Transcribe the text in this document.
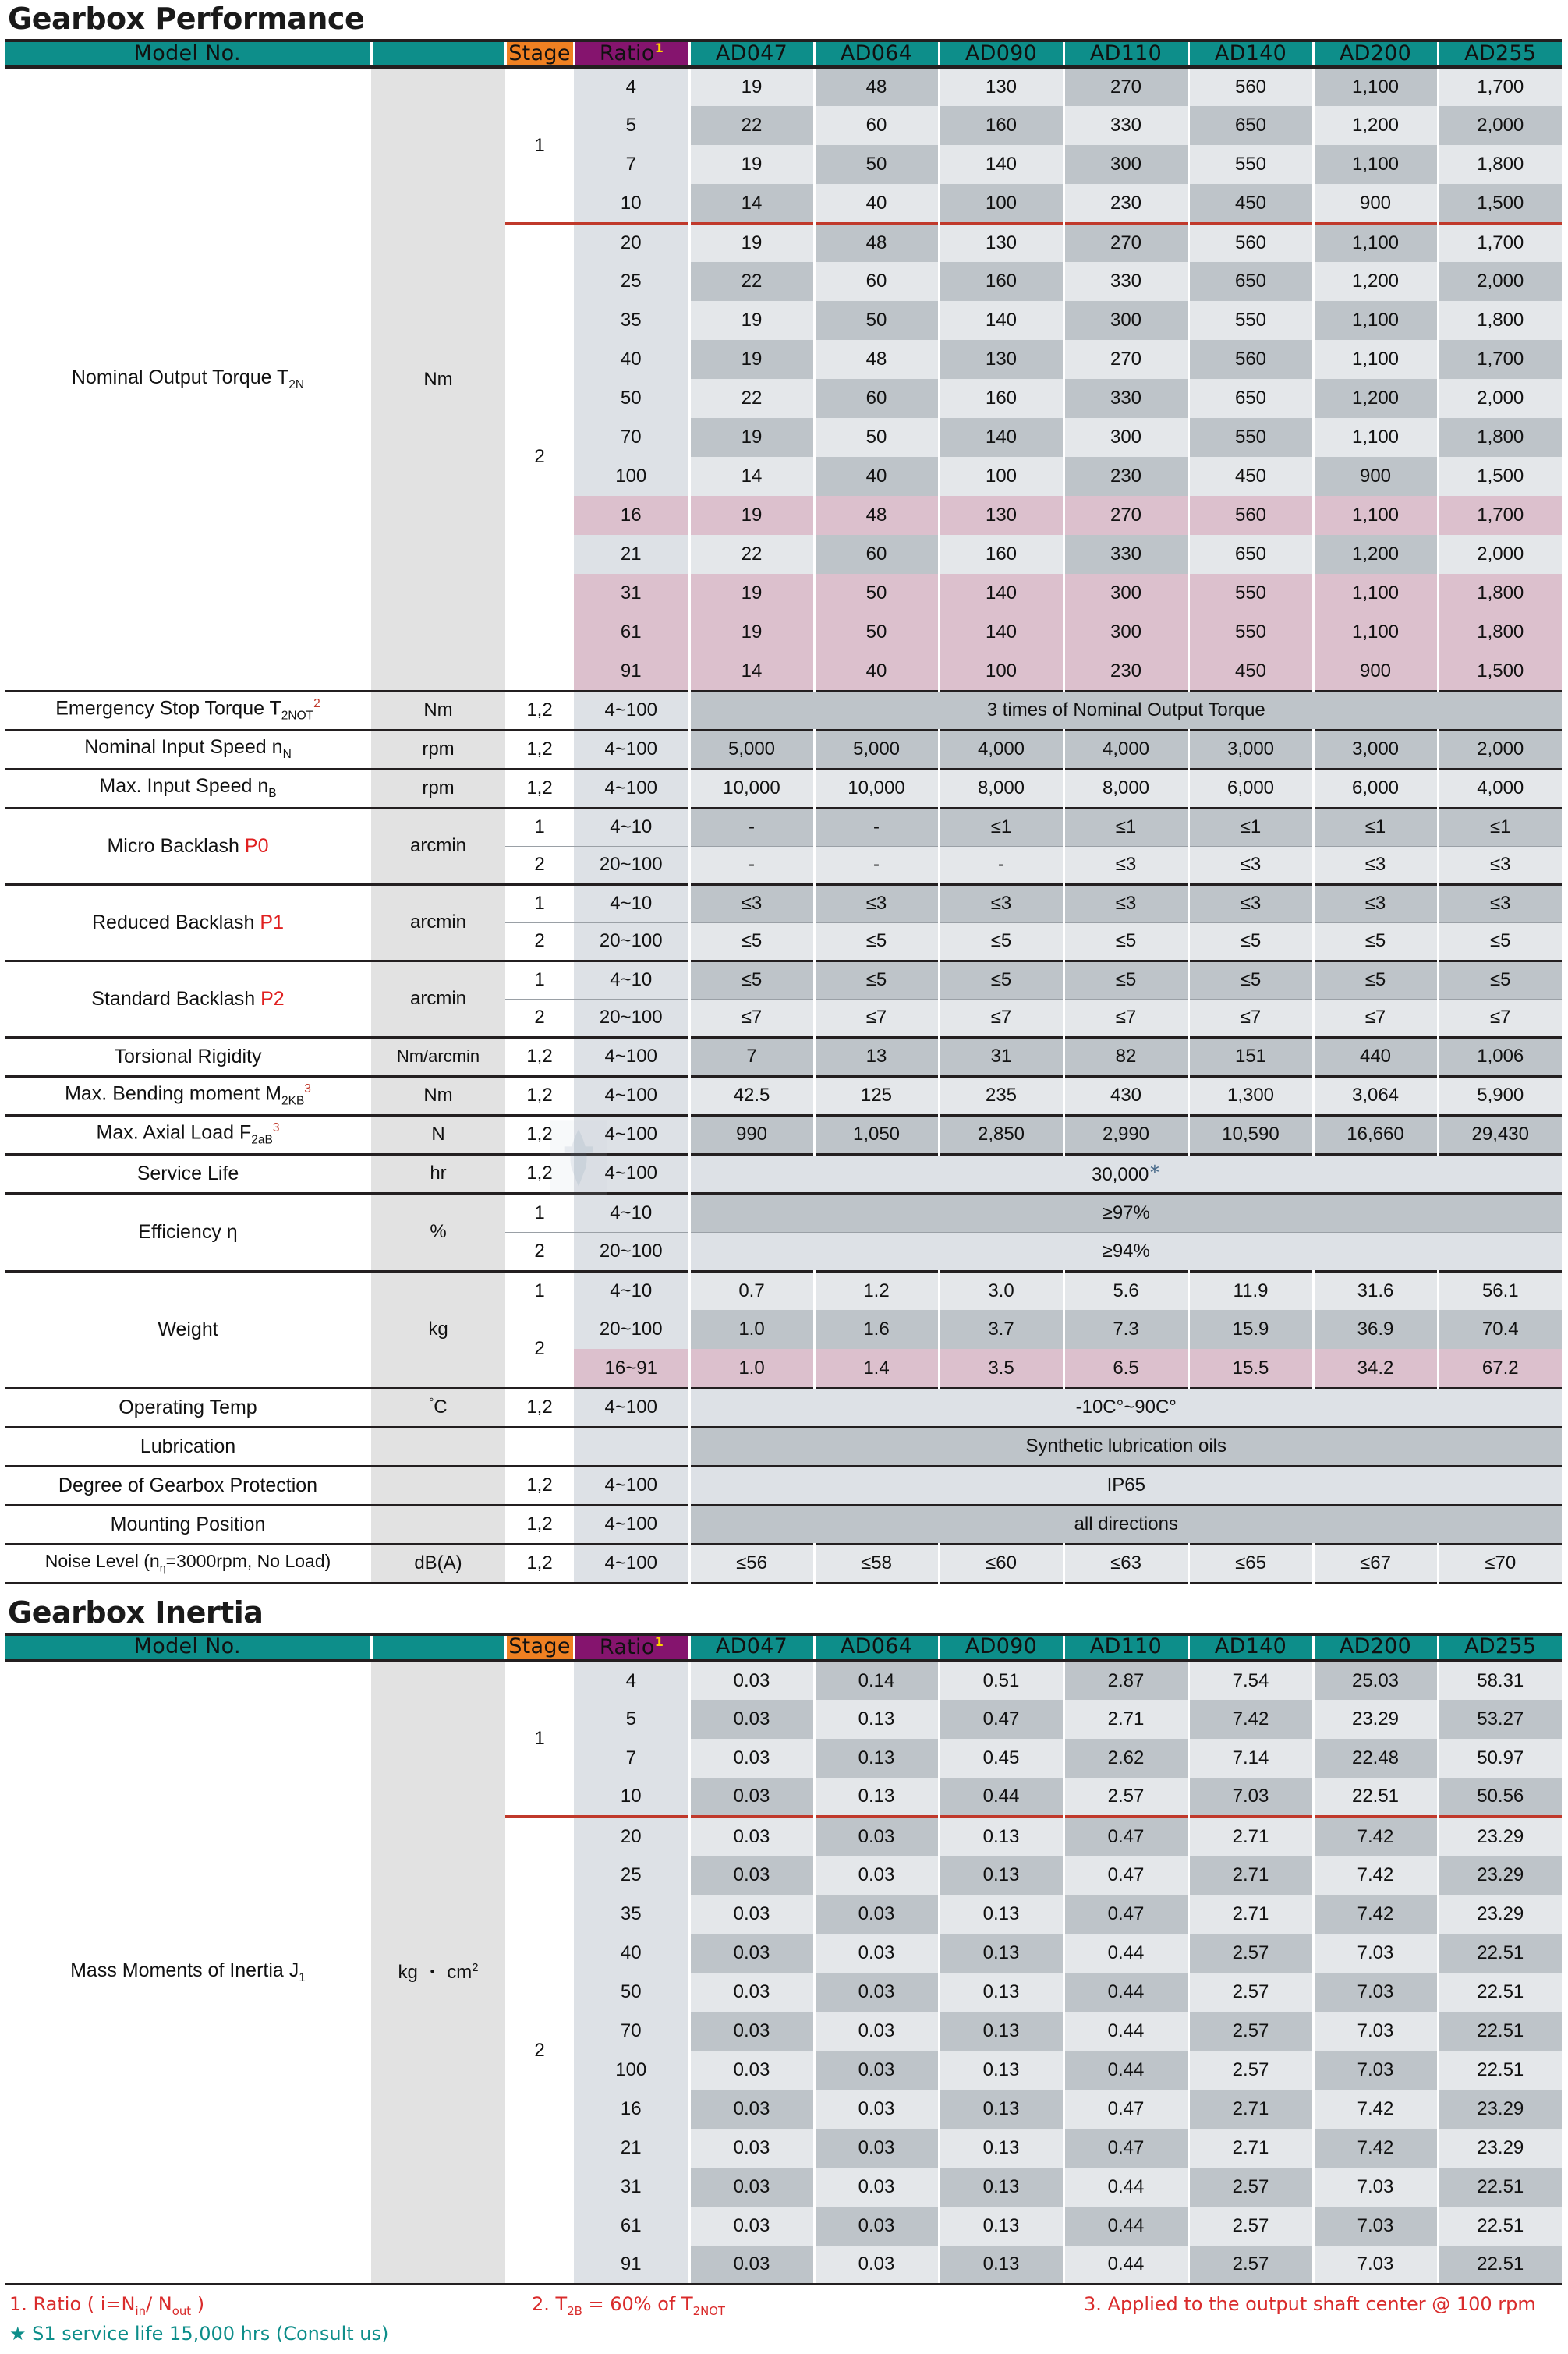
Gearbox Performance
Model No.		Stage	Ratio$^1$	AD047	AD064	AD090	AD110	AD140	AD200	AD255
Nominal Output Torque $T_{2N}$	Nm	1	4	19	48	130	270	560	1,100	1,700
			5	22	60	160	330	650	1,200	2,000
			7	19	50	140	300	550	1,100	1,800
			10	14	40	100	230	450	900	1,500
		2	20	19	48	130	270	560	1,100	1,700
			25	22	60	160	330	650	1,200	2,000
			35	19	50	140	300	550	1,100	1,800
			40	19	48	130	270	560	1,100	1,700
			50	22	60	160	330	650	1,200	2,000
			70	19	50	140	300	550	1,100	1,800
			100	14	40	100	230	450	900	1,500
			16	19	48	130	270	560	1,100	1,700
			21	22	60	160	330	650	1,200	2,000
			31	19	50	140	300	550	1,100	1,800
			61	19	50	140	300	550	1,100	1,800
			91	14	40	100	230	450	900	1,500
Emergency Stop Torque $T_{2NOT}^2$	Nm	1,2	4~100	3 times of Nominal Output Torque						
Nominal Input Speed $n_N$	rpm	1,2	4~100	5,000	5,000	4,000	4,000	3,000	3,000	2,000
Max. Input Speed $n_B$	rpm	1,2	4~100	10,000	10,000	8,000	8,000	6,000	6,000	4,000
Micro Backlash P0	arcmin	1	4~10	-	-	≤1	≤1	≤1	≤1	≤1
		2	20~100	-	-	-	≤3	≤3	≤3	≤3
Reduced Backlash P1	arcmin	1	4~10	≤3	≤3	≤3	≤3	≤3	≤3	≤3
		2	20~100	≤5	≤5	≤5	≤5	≤5	≤5	≤5
Standard Backlash P2	arcmin	1	4~10	≤5	≤5	≤5	≤5	≤5	≤5	≤5
		2	20~100	≤7	≤7	≤7	≤7	≤7	≤7	≤7
Torsional Rigidity	Nm/arcmin	1,2	4~100	7	13	31	82	151	440	1,006
Max. Bending moment $M_{2KB}^3$	Nm	1,2	4~100	42.5	125	235	430	1,300	3,064	5,900
Max. Axial Load $F_{2aB}^3$	N	1,2	4~100	990	1,050	2,850	2,990	10,590	16,660	29,430
Service Life	hr	1,2	4~100	30,000∗
Efficiency η	%	1	4~10	≥97%						
		2	20~100	≥94%						
Weight	kg	1	4~10	0.7	1.2	3.0	5.6	11.9	31.6	56.1
		2	20~100	1.0	1.6	3.7	7.3	15.9	36.9	70.4
			16~91	1.0	1.4	3.5	6.5	15.5	34.2	67.2
Operating Temp	°C	1,2	4~100	-10C°~90C°						
Lubrication				Synthetic lubrication oils						
Degree of Gearbox Protection		1,2	4~100	IP65						
Mounting Position		1,2	4~100	all directions						
Noise Level ($n_\eta=3000rpm$, No Load)	dB(A)	1,2	4~100	≤56	≤58	≤60	≤63	≤65	≤67	≤70
Gearbox Inertia
Model No.		Stage	Ratio$^1$	AD047	AD064	AD090	AD110	AD140	AD200	AD255
Mass Moments of Inertia $J_1$	kg ・ $cm^2$	1	4	0.03	0.14	0.51	2.87	7.54	25.03	58.31
			5	0.03	0.13	0.47	2.71	7.42	23.29	53.27
			7	0.03	0.13	0.45	2.62	7.14	22.48	50.97
			10	0.03	0.13	0.44	2.57	7.03	22.51	50.56
		2	20	0.03	0.03	0.13	0.47	2.71	7.42	23.29
			25	0.03	0.03	0.13	0.47	2.71	7.42	23.29
			35	0.03	0.03	0.13	0.47	2.71	7.42	23.29
			40	0.03	0.03	0.13	0.44	2.57	7.03	22.51
			50	0.03	0.03	0.13	0.44	2.57	7.03	22.51
			70	0.03	0.03	0.13	0.44	2.57	7.03	22.51
			100	0.03	0.03	0.13	0.44	2.57	7.03	22.51
			16	0.03	0.03	0.13	0.47	2.71	7.42	23.29
			21	0.03	0.03	0.13	0.47	2.71	7.42	23.29
			31	0.03	0.03	0.13	0.44	2.57	7.03	22.51
			61	0.03	0.03	0.13	0.44	2.57	7.03	22.51
			91	0.03	0.03	0.13	0.44	2.57	7.03	22.51
1. Ratio ( $i=N_{in}/$ $N_{out}$ )	2. $T_{2B} = 60\%$ of $T_{2NOT}$	3. Applied to the output shaft center @ 100 rpm
★ S1 service life 15,000 hrs (Consult us)
